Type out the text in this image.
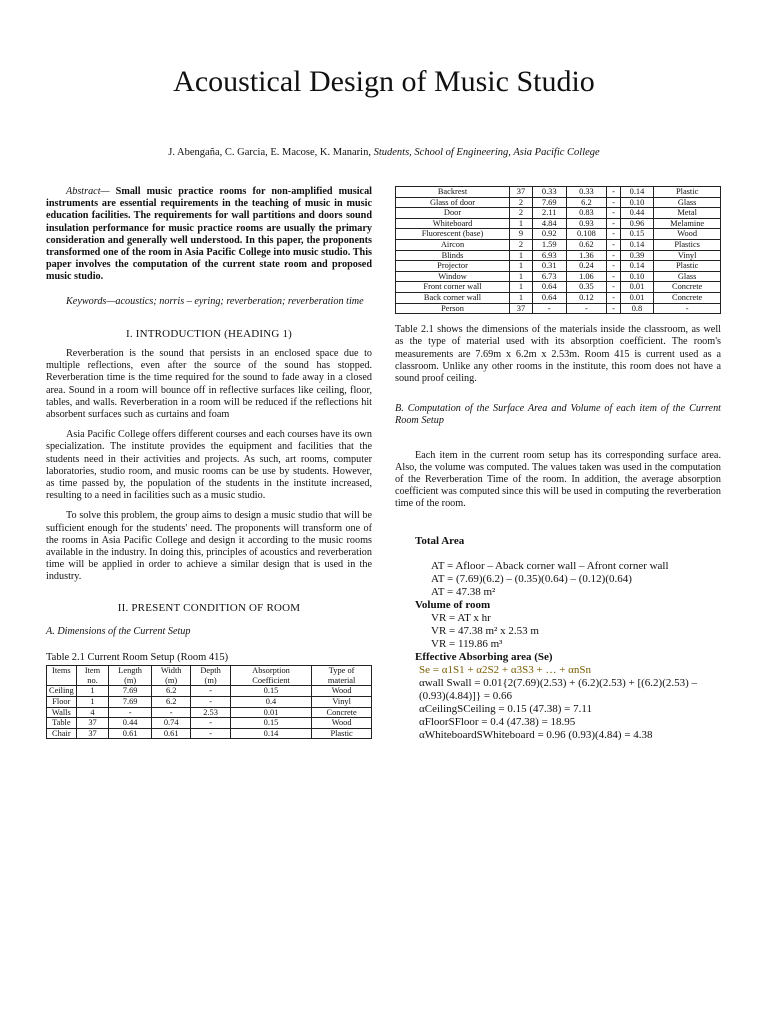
Acoustical Design of Music Studio
J. Abengaña, C. Garcia, E. Macose, K. Manarin, Students, School of Engineering, Asia Pacific College

Abstract— Small music practice rooms for non-amplified musical instruments are essential requirements in the teaching of music in music education facilities. The requirements for wall partitions and doors sound insulation performance for music practice rooms are usually the primary consideration and generally well understood. In this paper, the proponents transformed one of the room in Asia Pacific College into music studio. This paper involves the computation of the current state room and proposed music studio.

Keywords—acoustics; norris – eyring; reverberation; reverberation time

I. INTRODUCTION (HEADING 1)

Reverberation is the sound that persists in an enclosed space due to multiple reflections, even after the source of the sound has stopped. Reverberation time is the time required for the sound to fade away in a closed area. Sound in a room will bounce off in reflective surfaces like ceiling, floor, tables, and walls. Reverberation in a room will be reduced if the reflections hit absorbent surfaces such as curtains and foam

Asia Pacific College offers different courses and each courses have its own specialization. The institute provides the equipment and facilities that the students need in their activities and projects. As such, art rooms, computer laboratories, studio room, and music rooms can be use by students. However, as time passed by, the population of the students in the institute increased, resulting to a need in facilities such as a music studio.

To solve this problem, the group aims to design a music studio that will be sufficient enough for the students' need. The proponents will transform one of the rooms in Asia Pacific College and design it according to the music rooms available in the industry. In doing this, principles of acoustics and reverberation time will be applied in order to achieve a similar design that is used in the industry.

II. PRESENT CONDITION OF ROOM

A. Dimensions of the Current Setup

Table 2.1 Current Room Setup (Room 415)

Items	Item no.	Length (m)	Width (m)	Depth (m)	Absorption Coefficient	Type of material
Ceiling	1	7.69	6.2	-	0.15	Wood
Floor	1	7.69	6.2	-	0.4	Vinyl
Walls	4	-	-	2.53	0.01	Concrete
Table	37	0.44	0.74	-	0.15	Wood
Chair	37	0.61	0.61	-	0.14	Plastic
Backrest	37	0.33	0.33	-	0.14	Plastic
Glass of door	2	7.69	6.2	-	0.10	Glass
Door	2	2.11	0.83	-	0.44	Metal
Whiteboard	1	4.84	0.93	-	0.96	Melamine
Fluorescent (base)	9	0.92	0.108	-	0.15	Wood
Aircon	2	1.59	0.62	-	0.14	Plastics
Blinds	1	6.93	1.36	-	0.39	Vinyl
Projector	1	0.31	0.24	-	0.14	Plastic
Window	1	6.73	1.06	-	0.10	Glass
Front corner wall	1	0.64	0.35	-	0.01	Concrete
Back corner wall	1	0.64	0.12	-	0.01	Concrete
Person	37	-	-	-	0.8	-

Table 2.1 shows the dimensions of the materials inside the classroom, as well as the type of material used with its absorption coefficient. The room's measurements are 7.69m x 6.2m x 2.53m. Room 415 is current used as a classroom. Unlike any other rooms in the institute, this room does not have a sound proof ceiling.

B. Computation of the Surface Area and Volume of each item of the Current Room Setup

Each item in the current room setup has its corresponding surface area. Also, the volume was computed. The values taken was used in the computation of the Reverberation Time of the room. In addition, the average absorption coefficient was computed since this will be used in computing the reverberation time of the room.

Total Area
AT = Afloor – Aback corner wall – Afront corner wall
AT = (7.69)(6.2) – (0.35)(0.64) – (0.12)(0.64)
AT = 47.38 m²
Volume of room
VR = AT x hr
VR = 47.38 m² x 2.53 m
VR = 119.86 m³
Effective Absorbing area (Se)
Se = α1S1 + α2S2 + α3S3 + … + αnSn
αwall Swall = 0.01{2(7.69)(2.53) + (6.2)(2.53) + [(6.2)(2.53) – (0.93)(4.84)]} = 0.66
αCeilingSCeiling = 0.15 (47.38) = 7.11
αFloorSFloor = 0.4 (47.38) = 18.95
αWhiteboardSWhiteboard = 0.96 (0.93)(4.84) = 4.38
